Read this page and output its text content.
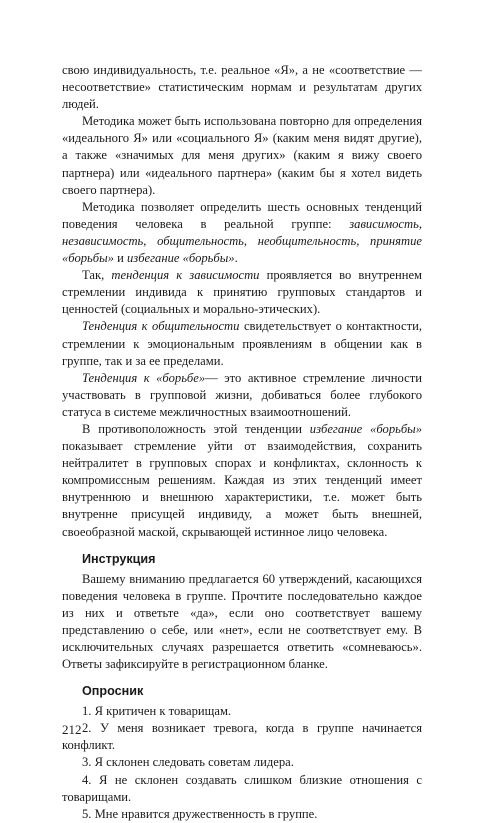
свою индивидуальность, т.е. реальное «Я», а не «соответствие — несоответствие» статистическим нормам и результатам других людей.

Методика может быть использована повторно для определения «идеального Я» или «социального Я» (каким меня видят другие), а также «значимых для меня других» (каким я вижу своего партнера) или «идеального партнера» (каким бы я хотел видеть своего партнера).

Методика позволяет определить шесть основных тенденций поведения человека в реальной группе: зависимость, независимость, общительность, необщительность, принятие «борьбы» и избегание «борьбы».

Так, тенденция к зависимости проявляется во внутреннем стремлении индивида к принятию групповых стандартов и ценностей (социальных и морально-этических).

Тенденция к общительности свидетельствует о контактности, стремлении к эмоциональным проявлениям в общении как в группе, так и за ее пределами.

Тенденция к «борьбе»— это активное стремление личности участвовать в групповой жизни, добиваться более глубокого статуса в системе межличностных взаимоотношений.

В противоположность этой тенденции избегание «борьбы» показывает стремление уйти от взаимодействия, сохранить нейтралитет в групповых спорах и конфликтах, склонность к компромиссным решениям. Каждая из этих тенденций имеет внутреннюю и внешнюю характеристики, т.е. может быть внутренне присущей индивиду, а может быть внешней, своеобразной маской, скрывающей истинное лицо человека.

Инструкция

Вашему вниманию предлагается 60 утверждений, касающихся поведения человека в группе. Прочтите последовательно каждое из них и ответьте «да», если оно соответствует вашему представлению о себе, или «нет», если не соответствует ему. В исключительных случаях разрешается ответить «сомневаюсь». Ответы зафиксируйте в регистрационном бланке.

Опросник
1. Я критичен к товарищам.
2. У меня возникает тревога, когда в группе начинается конфликт.
3. Я склонен следовать советам лидера.
4. Я не склонен создавать слишком близкие отношения с товарищами.
5. Мне нравится дружественность в группе.
212
